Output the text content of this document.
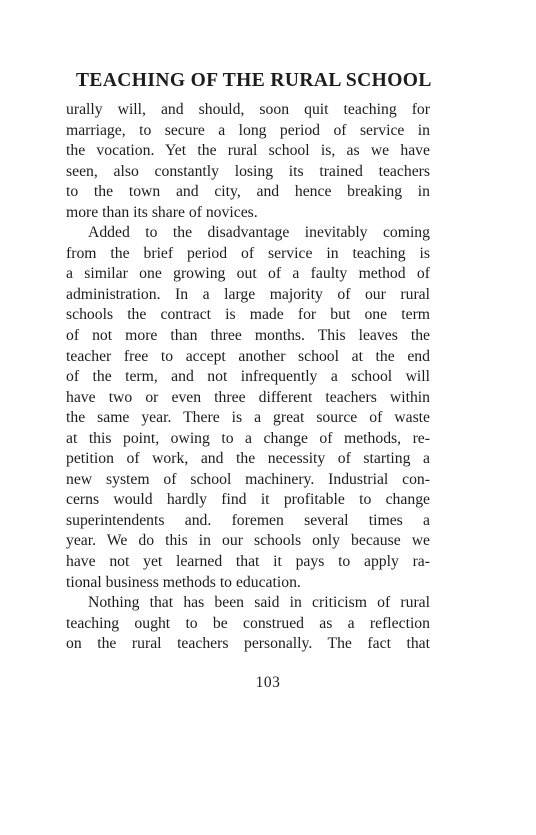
TEACHING OF THE RURAL SCHOOL
urally will, and should, soon quit teaching for
marriage, to secure a long period of service in
the vocation. Yet the rural school is, as we have
seen, also constantly losing its trained teachers
to the town and city, and hence breaking in
more than its share of novices.
Added to the disadvantage inevitably coming
from the brief period of service in teaching is
a similar one growing out of a faulty method of
administration. In a large majority of our rural
schools the contract is made for but one term
of not more than three months. This leaves the
teacher free to accept another school at the end
of the term, and not infrequently a school will
have two or even three different teachers within
the same year. There is a great source of waste
at this point, owing to a change of methods, re-
petition of work, and the necessity of starting a
new system of school machinery. Industrial con-
cerns would hardly find it profitable to change
superintendents and. foremen several times a
year. We do this in our schools only because we
have not yet learned that it pays to apply ra-
tional business methods to education.
Nothing that has been said in criticism of rural
teaching ought to be construed as a reflection
on the rural teachers personally. The fact that
103
